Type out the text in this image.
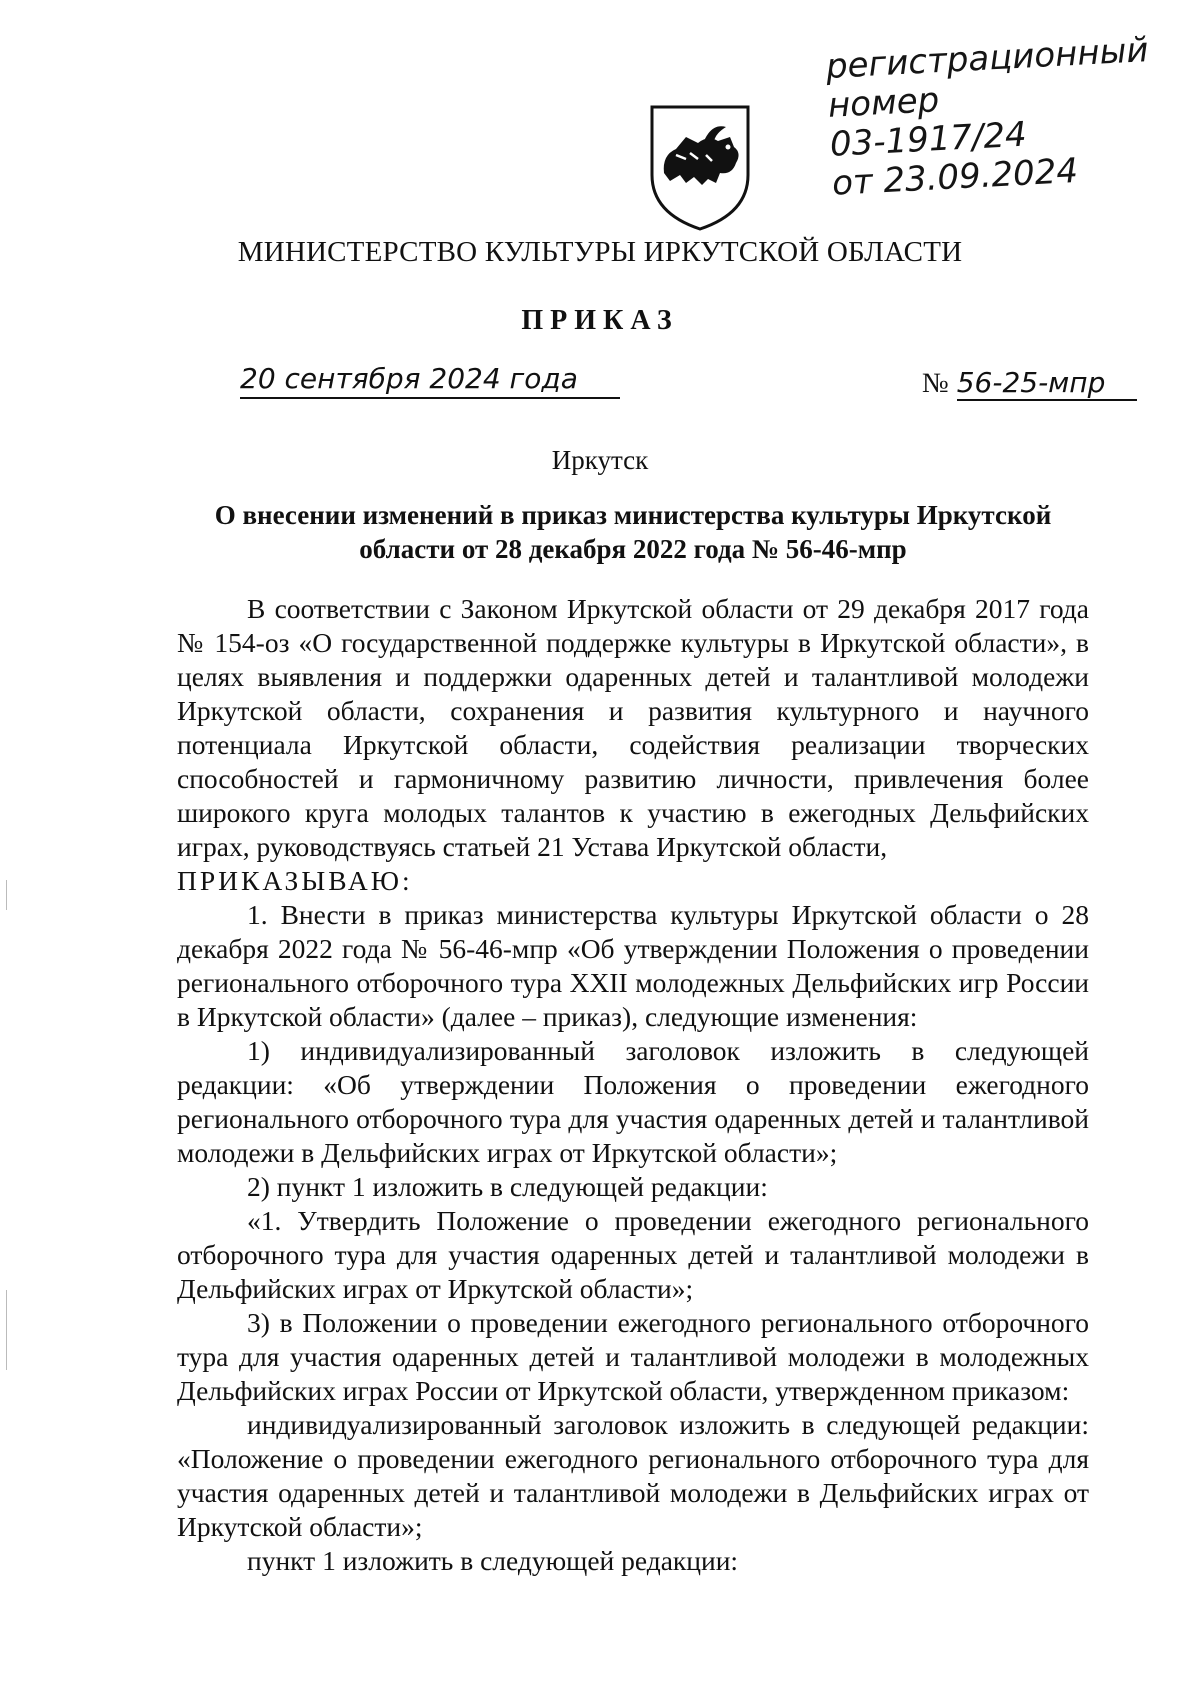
регистрационный
номер
03-1917/24
от 23.09.2024
МИНИСТЕРСТВО КУЛЬТУРЫ ИРКУТСКОЙ ОБЛАСТИ
ПРИКАЗ
20 сентября 2024 года	№ 56-25-мпр
Иркутск
О внесении изменений в приказ министерства культуры Иркутской области от 28 декабря 2022 года № 56-46-мпр

В соответствии с Законом Иркутской области от 29 декабря 2017 года № 154-оз «О государственной поддержке культуры в Иркутской области», в целях выявления и поддержки одаренных детей и талантливой молодежи Иркутской области, сохранения и развития культурного и научного потенциала Иркутской области, содействия реализации творческих способностей и гармоничному развитию личности, привлечения более широкого круга молодых талантов к участию в ежегодных Дельфийских играх, руководствуясь статьей 21 Устава Иркутской области,

ПРИКАЗЫВАЮ:

1. Внести в приказ министерства культуры Иркутской области о 28 декабря 2022 года № 56-46-мпр «Об утверждении Положения о проведении регионального отборочного тура XXII молодежных Дельфийских игр России в Иркутской области» (далее – приказ), следующие изменения:

1) индивидуализированный заголовок изложить в следующей редакции: «Об утверждении Положения о проведении ежегодного регионального отборочного тура для участия одаренных детей и талантливой молодежи в Дельфийских играх от Иркутской области»;

2) пункт 1 изложить в следующей редакции:

«1. Утвердить Положение о проведении ежегодного регионального отборочного тура для участия одаренных детей и талантливой молодежи в Дельфийских играх от Иркутской области»;

3) в Положении о проведении ежегодного регионального отборочного тура для участия одаренных детей и талантливой молодежи в молодежных Дельфийских играх России от Иркутской области, утвержденном приказом:

индивидуализированный заголовок изложить в следующей редакции: «Положение о проведении ежегодного регионального отборочного тура для участия одаренных детей и талантливой молодежи в Дельфийских играх от Иркутской области»;

пункт 1 изложить в следующей редакции:
